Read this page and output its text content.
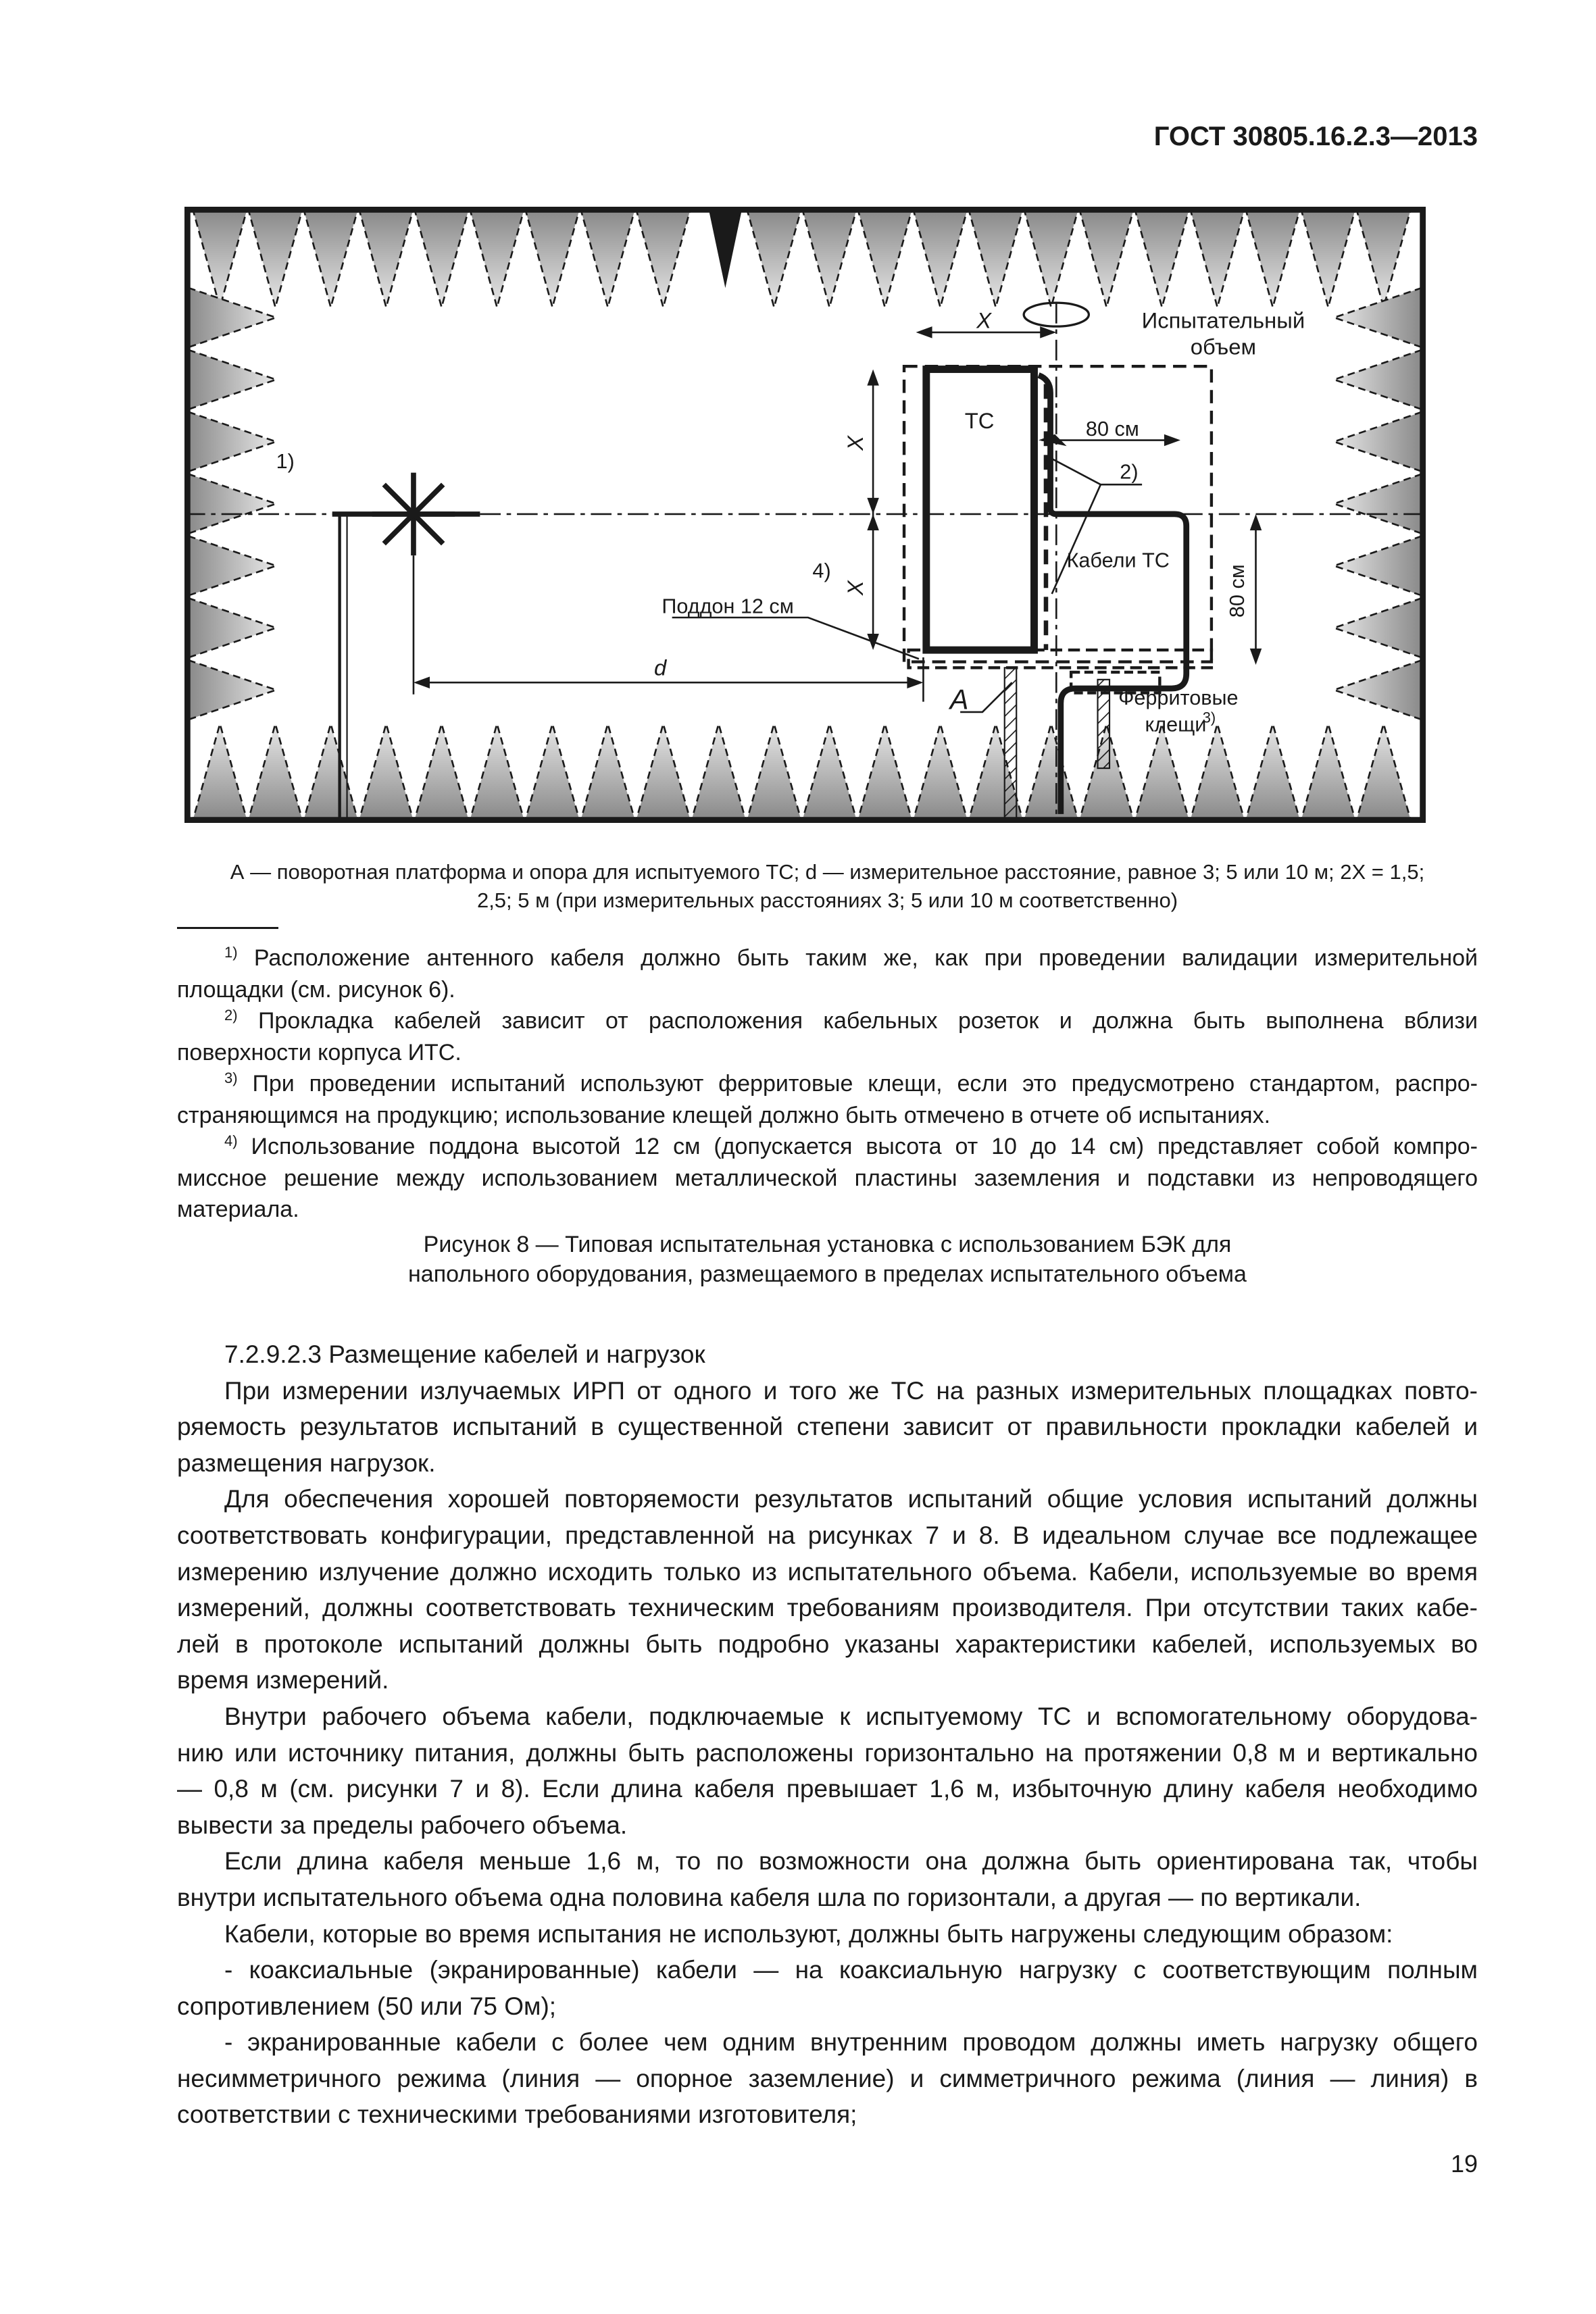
ГОСТ 30805.16.2.3—2013
d
X
X
X
80 см
80 см
2)
1)
4)
Поддон 12 см
A
Кабели ТС
ТС
Испытательный
объем
Ферритовые
клещи
3)
А — поворотная платформа и опора для испытуемого ТС; d — измерительное расстояние, равное 3; 5 или 10 м; 2X = 1,5;
2,5; 5 м (при измерительных расстояниях 3; 5 или 10 м соответственно)
$^{1)}$ Расположение антенного кабеля должно быть таким же, как при проведении валидации измерительной
площадки (см. рисунок 6).
$^{2)}$ Прокладка кабелей зависит от расположения кабельных розеток и должна быть выполнена вблизи
поверхности корпуса ИТС.
$^{3)}$ При проведении испытаний используют ферритовые клещи, если это предусмотрено стандартом, распро-
страняющимся на продукцию; использование клещей должно быть отмечено в отчете об испытаниях.
$^{4)}$ Использование поддона высотой 12 см (допускается высота от 10 до 14 см) представляет собой компро-
миссное решение между использованием металлической пластины заземления и подставки из непроводящего
материала.
Рисунок 8 — Типовая испытательная установка с использованием БЭК для
напольного оборудования, размещаемого в пределах испытательного объема
7.2.9.2.3 Размещение кабелей и нагрузок
При измерении излучаемых ИРП от одного и того же ТС на разных измерительных площадках повто-
ряемость результатов испытаний в существенной степени зависит от правильности прокладки кабелей и
размещения нагрузок.
Для обеспечения хорошей повторяемости результатов испытаний общие условия испытаний должны
соответствовать конфигурации, представленной на рисунках 7 и 8. В идеальном случае все подлежащее
измерению излучение должно исходить только из испытательного объема. Кабели, используемые во время
измерений, должны соответствовать техническим требованиям производителя. При отсутствии таких кабе-
лей в протоколе испытаний должны быть подробно указаны характеристики кабелей, используемых во
время измерений.
Внутри рабочего объема кабели, подключаемые к испытуемому ТС и вспомогательному оборудова-
нию или источнику питания, должны быть расположены горизонтально на протяжении 0,8 м и вертикально
— 0,8 м (см. рисунки 7 и 8). Если длина кабеля превышает 1,6 м, избыточную длину кабеля необходимо
вывести за пределы рабочего объема.
Если длина кабеля меньше 1,6 м, то по возможности она должна быть ориентирована так, чтобы
внутри испытательного объема одна половина кабеля шла по горизонтали, а другая — по вертикали.
Кабели, которые во время испытания не используют, должны быть нагружены следующим образом:
- коаксиальные (экранированные) кабели — на коаксиальную нагрузку с соответствующим полным
сопротивлением (50 или 75 Ом);
- экранированные кабели с более чем одним внутренним проводом должны иметь нагрузку общего
несимметричного режима (линия — опорное заземление) и симметричного режима (линия — линия) в
соответствии с техническими требованиями изготовителя;
19
